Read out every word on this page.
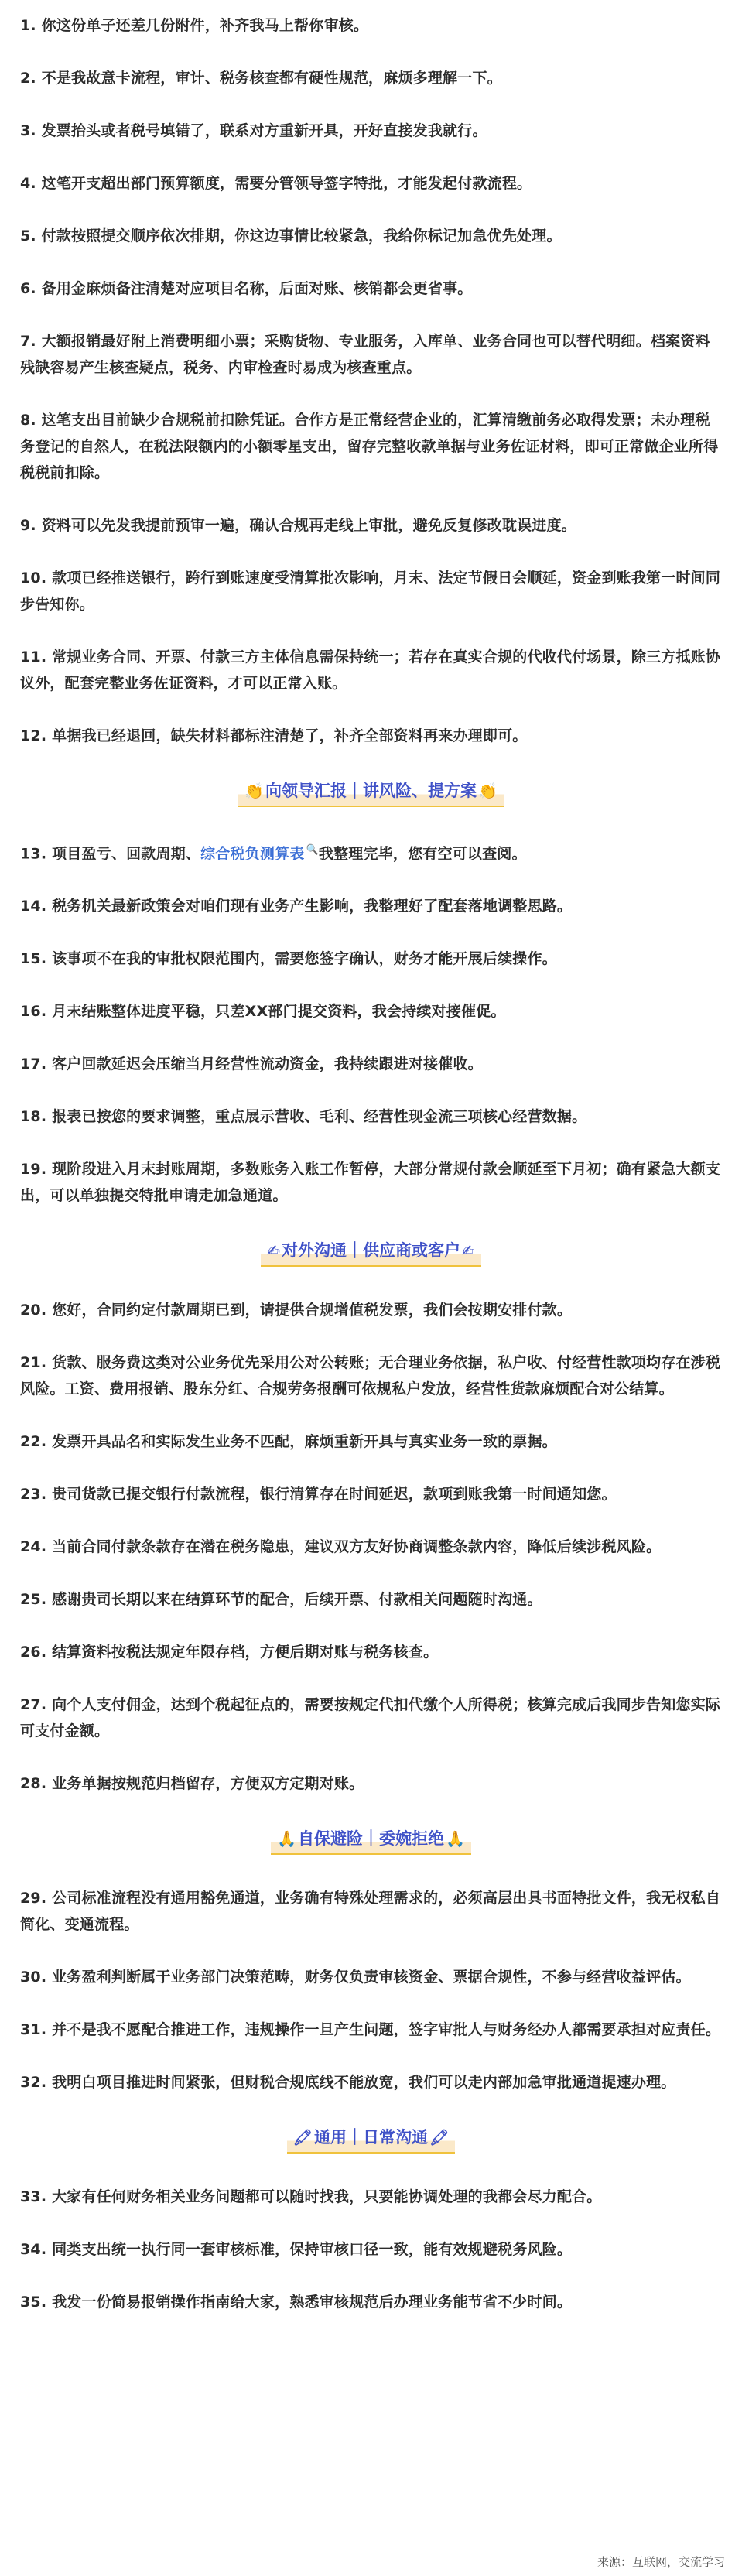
1. 你这份单子还差几份附件，补齐我马上帮你审核。

2. 不是我故意卡流程，审计、税务核查都有硬性规范，麻烦多理解一下。

3. 发票抬头或者税号填错了，联系对方重新开具，开好直接发我就行。

4. 这笔开支超出部门预算额度，需要分管领导签字特批，才能发起付款流程。

5. 付款按照提交顺序依次排期，你这边事情比较紧急，我给你标记加急优先处理。

6. 备用金麻烦备注清楚对应项目名称，后面对账、核销都会更省事。

7. 大额报销最好附上消费明细小票；采购货物、专业服务，入库单、业务合同也可以替代明细。档案资料残缺容易产生核查疑点，税务、内审检查时易成为核查重点。

8. 这笔支出目前缺少合规税前扣除凭证。合作方是正常经营企业的，汇算清缴前务必取得发票；未办理税务登记的自然人，在税法限额内的小额零星支出，留存完整收款单据与业务佐证材料，即可正常做企业所得税税前扣除。

9. 资料可以先发我提前预审一遍，确认合规再走线上审批，避免反复修改耽误进度。

10. 款项已经推送银行，跨行到账速度受清算批次影响，月末、法定节假日会顺延，资金到账我第一时间同步告知你。

11. 常规业务合同、开票、付款三方主体信息需保持统一；若存在真实合规的代收代付场景，除三方抵账协议外，配套完整业务佐证资料，才可以正常入账。

12. 单据我已经退回，缺失材料都标注清楚了，补齐全部资料再来办理即可。

👏向领导汇报｜讲风险、提方案 👏

13. 项目盈亏、回款周期、综合税负测算表 🔍我整理完毕，您有空可以查阅。

14. 税务机关最新政策会对咱们现有业务产生影响，我整理好了配套落地调整思路。

15. 该事项不在我的审批权限范围内，需要您签字确认，财务才能开展后续操作。

16. 月末结账整体进度平稳，只差XX部门提交资料，我会持续对接催促。

17. 客户回款延迟会压缩当月经营性流动资金，我持续跟进对接催收。

18. 报表已按您的要求调整，重点展示营收、毛利、经营性现金流三项核心经营数据。

19. 现阶段进入月末封账周期，多数账务入账工作暂停，大部分常规付款会顺延至下月初；确有紧急大额支出，可以单独提交特批申请走加急通道。

✍对外沟通｜供应商或客户 ✍

20. 您好，合同约定付款周期已到，请提供合规增值税发票，我们会按期安排付款。

21. 货款、服务费这类对公业务优先采用公对公转账；无合理业务依据，私户收、付经营性款项均存在涉税风险。工资、费用报销、股东分红、合规劳务报酬可依规私户发放，经营性货款麻烦配合对公结算。

22. 发票开具品名和实际发生业务不匹配，麻烦重新开具与真实业务一致的票据。

23. 贵司货款已提交银行付款流程，银行清算存在时间延迟，款项到账我第一时间通知您。

24. 当前合同付款条款存在潜在税务隐患，建议双方友好协商调整条款内容，降低后续涉税风险。

25. 感谢贵司长期以来在结算环节的配合，后续开票、付款相关问题随时沟通。

26. 结算资料按税法规定年限存档，方便后期对账与税务核查。

27. 向个人支付佣金，达到个税起征点的，需要按规定代扣代缴个人所得税；核算完成后我同步告知您实际可支付金额。

28. 业务单据按规范归档留存，方便双方定期对账。

🙏自保避险｜委婉拒绝 🙏

29. 公司标准流程没有通用豁免通道，业务确有特殊处理需求的，必须高层出具书面特批文件，我无权私自简化、变通流程。

30. 业务盈利判断属于业务部门决策范畴，财务仅负责审核资金、票据合规性，不参与经营收益评估。

31. 并不是我不愿配合推进工作，违规操作一旦产生问题，签字审批人与财务经办人都需要承担对应责任。

32. 我明白项目推进时间紧张，但财税合规底线不能放宽，我们可以走内部加急审批通道提速办理。

🖍通用｜日常沟通 🖍

33. 大家有任何财务相关业务问题都可以随时找我，只要能协调处理的我都会尽力配合。

34. 同类支出统一执行同一套审核标准，保持审核口径一致，能有效规避税务风险。

35. 我发一份简易报销操作指南给大家，熟悉审核规范后办理业务能节省不少时间。

来源：互联网，交流学习
